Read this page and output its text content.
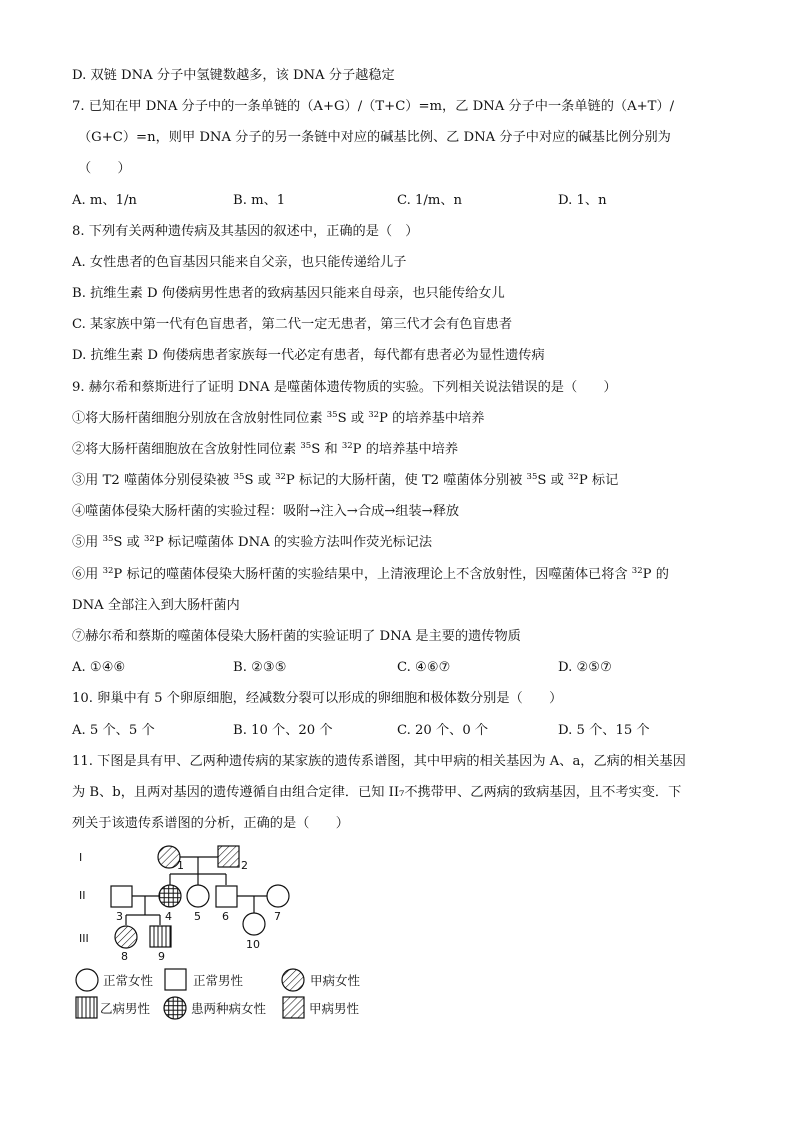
D. 双链 DNA 分子中氢键数越多，该 DNA 分子越稳定
7. 已知在甲 DNA 分子中的一条单链的（A+G）/（T+C）=m，乙 DNA 分子中一条单链的（A+T）/
（G+C）=n，则甲 DNA 分子的另一条链中对应的碱基比例、乙 DNA 分子中对应的碱基比例分别为
（　　）
A. m、1/n	B. m、1	C. 1/m、n	D. 1、n
8. 下列有关两种遗传病及其基因的叙述中，正确的是（　）
A. 女性患者的色盲基因只能来自父亲，也只能传递给儿子
B. 抗维生素 D 佝偻病男性患者的致病基因只能来自母亲，也只能传给女儿
C. 某家族中第一代有色盲患者，第二代一定无患者，第三代才会有色盲患者
D. 抗维生素 D 佝偻病患者家族每一代必定有患者，每代都有患者必为显性遗传病
9. 赫尔希和蔡斯进行了证明 DNA 是噬菌体遗传物质的实验。下列相关说法错误的是（　　）
①将大肠杆菌细胞分别放在含放射性同位素 $^{35}$S 或 $^{32}$P 的培养基中培养
②将大肠杆菌细胞放在含放射性同位素 $^{35}$S 和 $^{32}$P 的培养基中培养
③用 T2 噬菌体分别侵染被 $^{35}$S 或 $^{32}$P 标记的大肠杆菌，使 T2 噬菌体分别被 $^{35}$S 或 $^{32}$P 标记
④噬菌体侵染大肠杆菌的实验过程：吸附→注入→合成→组装→释放
⑤用 $^{35}$S 或 $^{32}$P 标记噬菌体 DNA 的实验方法叫作荧光标记法
⑥用 $^{32}$P 标记的噬菌体侵染大肠杆菌的实验结果中，上清液理论上不含放射性，因噬菌体已将含 $^{32}$P 的
DNA 全部注入到大肠杆菌内
⑦赫尔希和蔡斯的噬菌体侵染大肠杆菌的实验证明了 DNA 是主要的遗传物质
A. ①④⑥	B. ②③⑤	C. ④⑥⑦	D. ②⑤⑦
10. 卵巢中有 5 个卵原细胞，经减数分裂可以形成的卵细胞和极体数分别是（　　）
A. 5 个、5 个	B. 10 个、20 个	C. 20 个、0 个	D. 5 个、15 个
11. 下图是具有甲、乙两种遗传病的某家族的遗传系谱图，其中甲病的相关基因为 A、a，乙病的相关基因
为 B、b，且两对基因的遗传遵循自由组合定律．已知 II₇不携带甲、乙两病的致病基因，且不考实变．下
列关于该遗传系谱图的分析，正确的是（　　）
I
II
III
1	2
3	4 5 6	7
8	9
10
正常女性	正常男性	甲病女性
乙病男性	患两种病女性	甲病男性
